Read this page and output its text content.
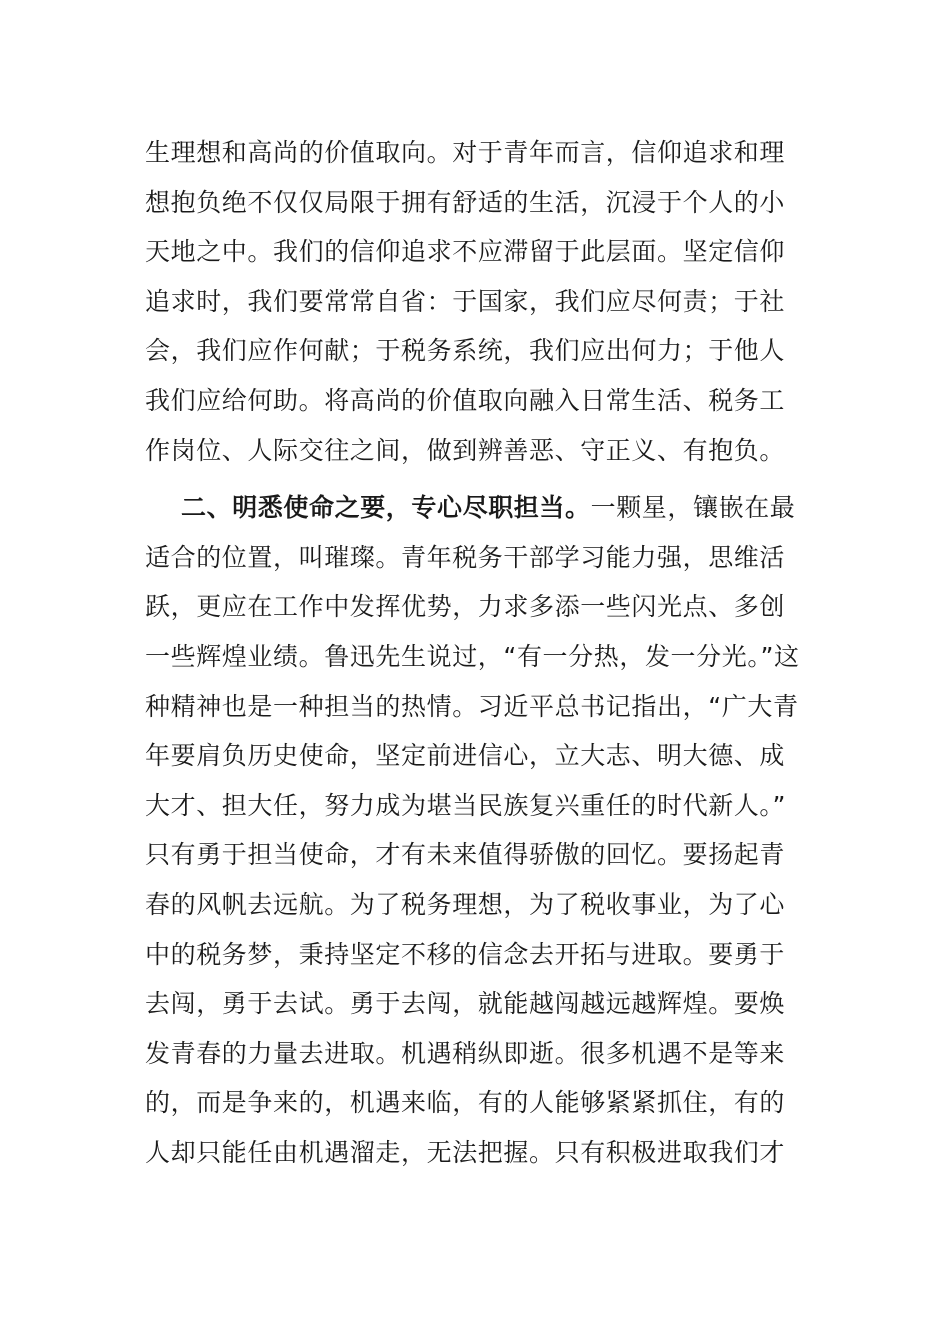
生理想和高尚的价值取向。对于青年而言，信仰追求和理
想抱负绝不仅仅局限于拥有舒适的生活，沉浸于个人的小
天地之中。我们的信仰追求不应滞留于此层面。坚定信仰
追求时，我们要常常自省：于国家，我们应尽何责；于社
会，我们应作何献；于税务系统，我们应出何力；于他人
我们应给何助。将高尚的价值取向融入日常生活、税务工
作岗位、人际交往之间，做到辨善恶、守正义、有抱负。
二、明悉使命之要，专心尽职担当。一颗星，镶嵌在最
适合的位置，叫璀璨。青年税务干部学习能力强，思维活
跃，更应在工作中发挥优势，力求多添一些闪光点、多创
一些辉煌业绩。鲁迅先生说过，“有一分热，发一分光。”这
种精神也是一种担当的热情。习近平总书记指出，“广大青
年要肩负历史使命，坚定前进信心，立大志、明大德、成
大才、担大任，努力成为堪当民族复兴重任的时代新人。”
只有勇于担当使命，才有未来值得骄傲的回忆。要扬起青
春的风帆去远航。为了税务理想，为了税收事业，为了心
中的税务梦，秉持坚定不移的信念去开拓与进取。要勇于
去闯，勇于去试。勇于去闯，就能越闯越远越辉煌。要焕
发青春的力量去进取。机遇稍纵即逝。很多机遇不是等来
的，而是争来的，机遇来临，有的人能够紧紧抓住，有的
人却只能任由机遇溜走，无法把握。只有积极进取我们才
